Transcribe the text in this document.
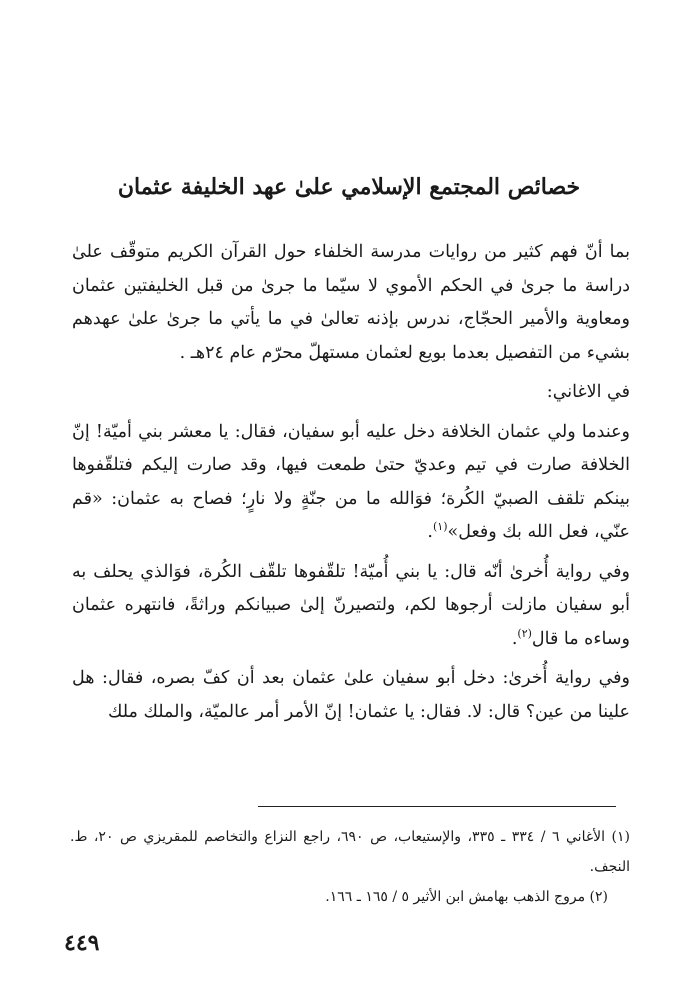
خصائص المجتمع الإسلامي علىٰ عهد الخليفة عثمان

بما أنّ فهم كثير من روايات مدرسة الخلفاء حول القرآن الكريم متوقّف علىٰ دراسة ما جرىٰ في الحكم الأموي لا سيّما ما جرىٰ من قبل الخليفتين عثمان ومعاوية والأمير الحجّاج، ندرس بإذنه تعالىٰ في ما يأتي ما جرىٰ علىٰ عهدهم بشيء من التفصيل بعدما بويع لعثمان مستهلّ محرّم عام ٢٤هـ .

في الاغاني:

وعندما ولي عثمان الخلافة دخل عليه أبو سفيان، فقال: يا معشر بني أميّة! إنّ الخلافة صارت في تيم وعديّ حتىٰ طمعت فيها، وقد صارت إليكم فتلقّفوها بينكم تلقف الصبيّ الكُرة؛ فوَالله ما من جنّةٍ ولا نارٍ؛ فصاح به عثمان: «قم عنّي، فعل الله بك وفعل»$^{(١)}$.

وفي رواية أُخرىٰ أنّه قال: يا بني أُميّة! تلقّفوها تلقّف الكُرة، فوَالذي يحلف به أبو سفيان مازلت أرجوها لكم، ولتصيرنّ إلىٰ صبيانكم وراثةً، فانتهره عثمان وساءه ما قال$^{(٢)}$.

وفي رواية أُخرىٰ: دخل أبو سفيان علىٰ عثمان بعد أن كفّ بصره، فقال: هل علينا من عين؟ قال: لا. فقال: يا عثمان! إنّ الأمر أمر عالميّة، والملك ملك

(١) الأغاني ٦ / ٣٣٤ ـ ٣٣٥، والإستيعاب، ص ٦٩٠، راجع النزاع والتخاصم للمقريزي ص ٢٠، ط. النجف.

(٢) مروج الذهب بهامش ابن الأثير ٥ / ١٦٥ ـ ١٦٦.

٤٤٩
